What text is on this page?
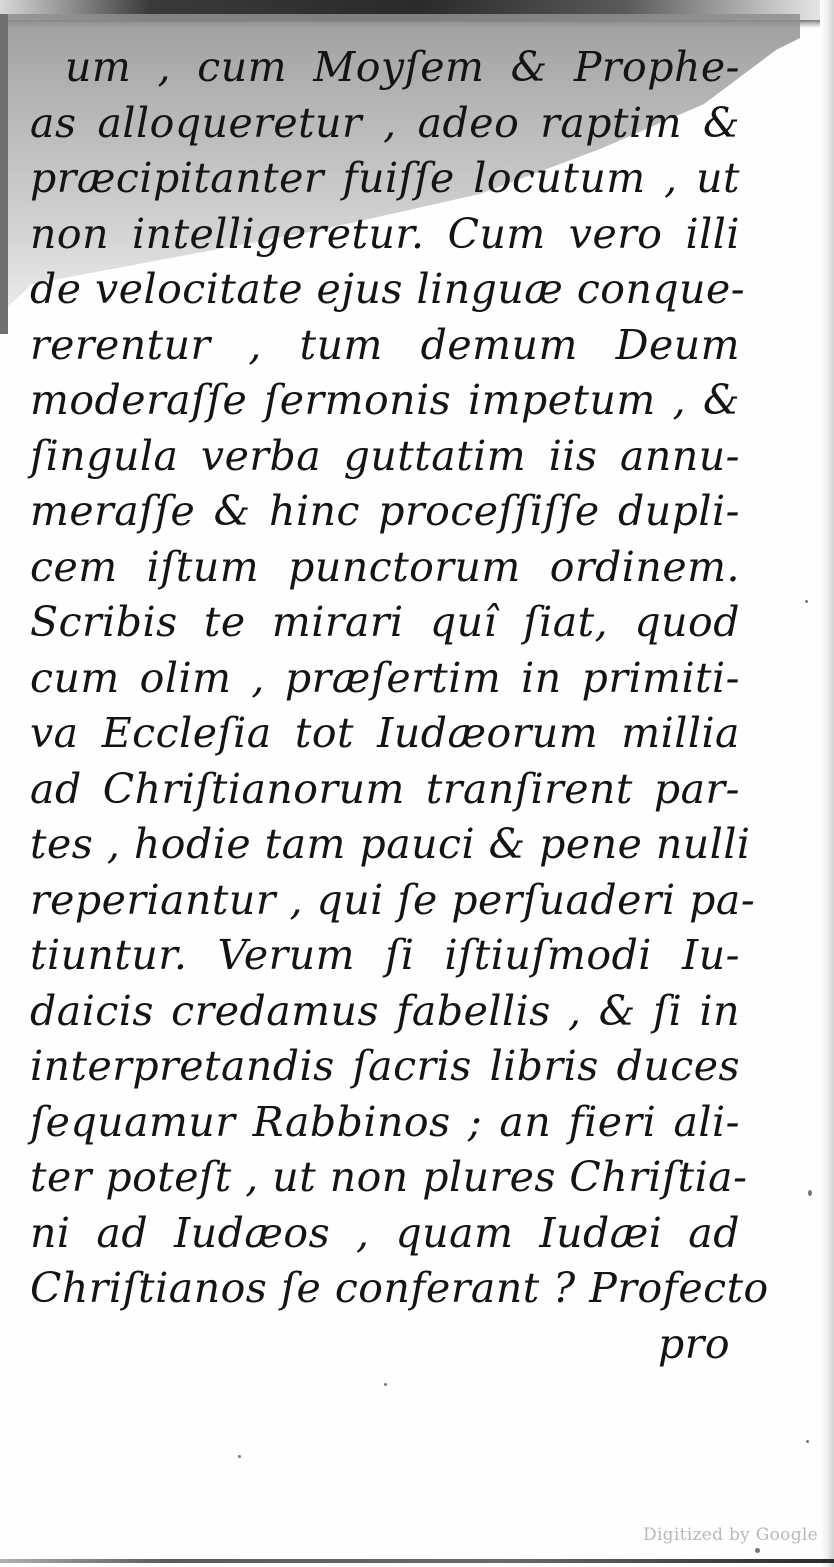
um , cum Moyſem & Prophe-
as alloqueretur , adeo raptim &
præcipitanter fuiſſe locutum , ut
non intelligeretur. Cum vero illi
de velocitate ejus linguæ conque-
rerentur , tum demum Deum
moderaſſe ſermonis impetum , &
ſingula verba guttatim iis annu-
meraſſe & hinc proceſſiſſe dupli-
cem iſtum punctorum ordinem.
Scribis te mirari quî ſiat, quod
cum olim , præſertim in primiti-
va Eccleſia tot Iudæorum millia
ad Chriſtianorum tranſirent par-
tes , hodie tam pauci & pene nulli
reperiantur , qui ſe perſuaderi pa-
tiuntur. Verum ſi iſtiuſmodi Iu-
daicis credamus fabellis , & ſi in
interpretandis ſacris libris duces
ſequamur Rabbinos ; an fieri ali-
ter poteſt , ut non plures Chriſtia-
ni ad Iudæos , quam Iudæi ad
Chriſtianos ſe conferant ? Profecto
pro
Digitized by Google
